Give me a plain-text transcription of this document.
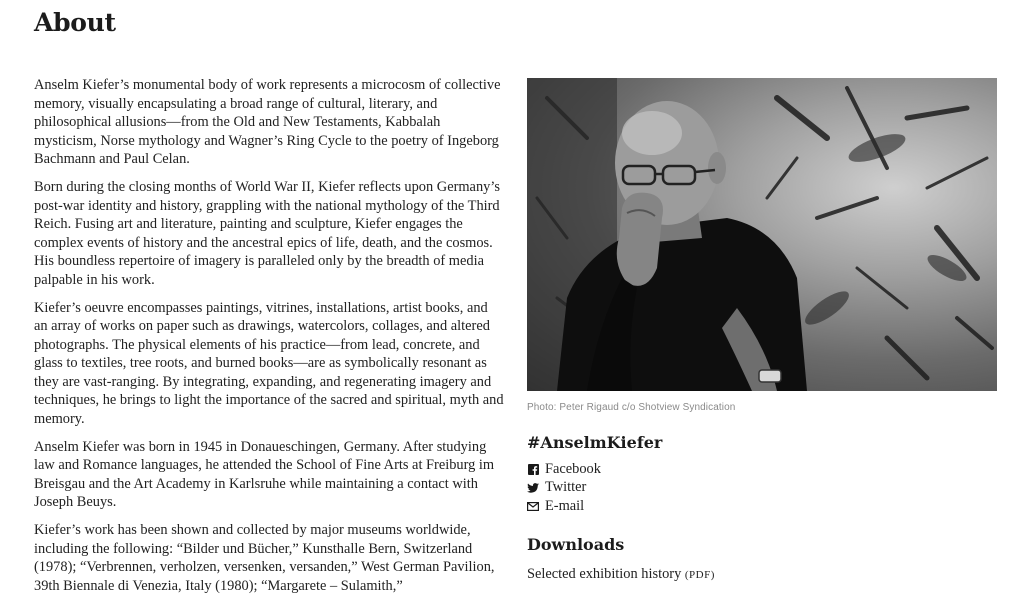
About

Anselm Kiefer’s monumental body of work represents a microcosm of collective memory, visually encapsulating a broad range of cultural, literary, and philosophical allusions—from the Old and New Testaments, Kabbalah mysticism, Norse mythology and Wagner’s Ring Cycle to the poetry of Ingeborg Bachmann and Paul Celan.

Born during the closing months of World War II, Kiefer reflects upon Germany’s post-war identity and history, grappling with the national mythology of the Third Reich. Fusing art and literature, painting and sculpture, Kiefer engages the complex events of history and the ancestral epics of life, death, and the cosmos. His boundless repertoire of imagery is paralleled only by the breadth of media palpable in his work.

Kiefer’s oeuvre encompasses paintings, vitrines, installations, artist books, and an array of works on paper such as drawings, watercolors, collages, and altered photographs. The physical elements of his practice—from lead, concrete, and glass to textiles, tree roots, and burned books—are as symbolically resonant as they are vast-ranging. By integrating, expanding, and regenerating imagery and techniques, he brings to light the importance of the sacred and spiritual, myth and memory.

Anselm Kiefer was born in 1945 in Donaueschingen, Germany. After studying law and Romance languages, he attended the School of Fine Arts at Freiburg im Breisgau and the Art Academy in Karlsruhe while maintaining a contact with Joseph Beuys.

Kiefer’s work has been shown and collected by major museums worldwide, including the following: “Bilder und Bücher,” Kunsthalle Bern, Switzerland (1978); “Verbrennen, verholzen, versenken, versanden,” West German Pavilion, 39th Biennale di Venezia, Italy (1980); “Margarete – Sulamith,”

Photo: Peter Rigaud c/o Shotview Syndication
#AnselmKiefer
Facebook
Twitter
E-mail
Downloads
Selected exhibition history (PDF)
